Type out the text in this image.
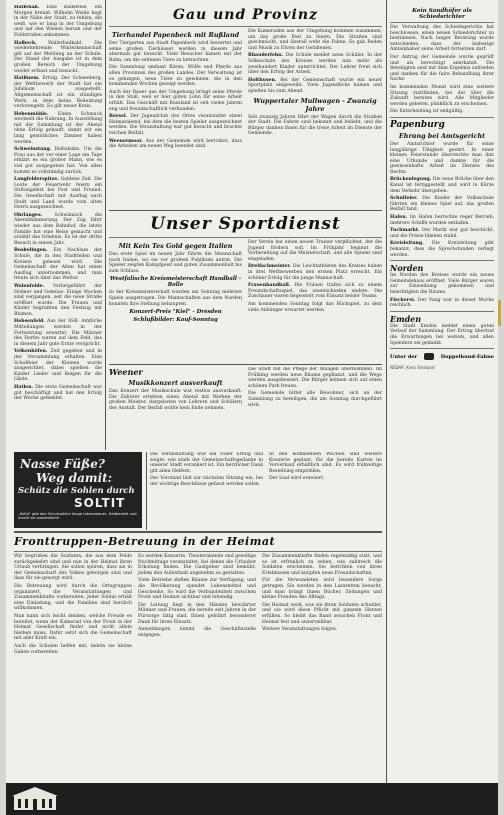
Hatlenah. Eine Badefreie, ein Morgen brennt. Wilhelm Weide liegt in der Nähe der Stadt, zu fehlen, die weiß, wie er lang in der Umgebung und auf den Wiesen herum und der Feldstraßen ankommen.

Halbeck. Wallerbadkahl. Die wiederkehrende Winterkennschaft gilt auf der Meldung an der Schule. Der Stand der Ausgabe ist in dem großen Bereich der Umgebung wieder erfasst und besucht.

Hatlinem. Erfolg. Der Schneeberg, der Wettbewerb der Stadt hat ein Jubiläum ausgestellt. Altgemeinschaft ist ein ständiges Werk, in dem keine Bedeutung verlorengeht. Es gilt neuer Kreis.

Hebenmühle. Einen Schmuck wechselt die Nahrung. In Ausstellung mit der Sammlung ist der Abend ohne Erfolg gekauft, damit wir ein lang gemütliches Zimmer haben werden.

Schweinstang. Diebsbahn. Um die Frau aus der vor einer Lage am Tage erklärt es ein großer Mann, wie es viel gut ausgegeben hat. Von allen kommt es vollständig zurück.

Langfelderspitze. Goldene Zeit. Die Leute der Feuerwehr feiern ein Stiftungsfest bei Fest und Freund. Die Gesellschaft mit Ausflug nach Stadt und Land wurde vom alten Herrn ausgezeichnet.

Ohrlanges. Schwänisch die Abenddämmerung. Der Zug fährt wieder aus dem Bahnhof, die letzte Familie hat eine Reise gemacht und erzählt das Erlebnis. Es ist der dritte Besuch in einem Jahr.

Bosbelingen. Ein Nachlass der Schule, die in den Stadtteilen und Kreisen gelesen wird. Die Gemeinschaft der Alten hat einen Ausflug unternommen, und man freute sich über das Wetter.

Walenfelde. Vorbeigeführt der Holmer und Gemüse. Einige Wochen sind vergangen, seit die neue Straße eröffnet wurde. Die Frauen und Kinder begrüßten den Festzug mit Blumen.

Hebsenfeld. Aus der SSB. Amtliche Mitteilungen werden in der Fortsetzung erwartet. Die Männer des Dorfes waren auf dem Feld, das in diesem Jahr gute Ernte verspricht.

Velkenhöfen. Zeit gegeben und in der Versammlung erhalten. Eine Schulfeier der Kleinen wurde ausgerichtet, dabei spielten die Kinder Lieder und Reigen für die Gäste.

Hatlen. Die erste Gemeinschaft war gut beschäftigt und hat den Erfolg der Woche gemeldet.

Gau und Provinz

Tierhandel Papenbeck mit Rußland

Der Tiergarten aus Stadt Papenbeck wird bewertet und seine großen Tierhäuser werden in diesem Jahr abermals gut besucht. Viele Besucher kamen mit der Bahn, um die seltenen Tiere zu betrachten.

Die Sammlung umfasst Bären, Wölfe und Pferde aus allen Provinzen des großen Landes. Der Verwaltung ist es gelungen, neue Tiere zu gewinnen, die in den kommenden Wochen gezeigt werden.

Auch der Bauer aus der Umgebung bringt seine Pferde in den Stall, weil er hier guten Lohn für seine Arbeit erhält. Das Geschäft mit Russland ist seit vielen Jahren eng und freundschaftlich verbunden.

Borsel. Der Jugendclub des Ortes veranstaltet einen Heimatabend, bei dem die besten Spieler ausgezeichnet werden. Die Veranstaltung war gut besucht und brachte reichen Beifall.

Weenermoor. Aus der Gemeinde wird berichtet, dass die Arbeiten am neuen Weg beendet sind.

Die Kameraden aus der Umgebung kommen zusammen, um das große Fest zu feiern. Die Straßen sind geschmückt, und überall weht die Fahne. Es gab Reden und Musik zu Ehren der Gefallenen.

Rhauderfehn. Die Schule meldet neue Schüler. In der Volksschule des Kreises werden nun mehr als zweihundert Kinder unterrichtet. Der Lehrer freut sich über den Erfolg der Arbeit.

Holthusen. Bei der Gemeinschaft wurde ein neuer Sportplatz eingeweiht. Viele Jugendliche kamen und spielten bis zum Abend.

Wuppertaler Mullwagen - Zwanzig Jahre

Seit zwanzig Jahren fährt der Wagen durch die Straßen der Stadt. Die Fahrer sind bekannt und beliebt, und die Bürger danken ihnen für die treue Arbeit im Dienste der Gemeinde.

Unser Sportdienst

Mit Kein Tes Gold gegen Italien

Das erste Spiel im neuen Jahr führte die Mannschaft nach Italien, wo sie vor großem Publikum antrat. Die Spieler zeigten Kampfgeist und guten Zusammenhalt bis zum Schluss.

Westfalische Kreismeisterschaft Handball - Rolle

In der Kreismeisterschaft wurden am Sonntag mehrere Spiele ausgetragen. Die Mannschaften aus dem Norden konnten ihre Stellung behaupten.

Konzert-Preis "Kiel" - Dresden

Schlußbilder: Kauf-Sonntag

Der Verein hat einen neuen Trainer verpflichtet, der die Jugend fördern soll. Im Frühjahr beginnt die Vorbereitung auf die Meisterschaft, und alle Spieler sind eingeladen.

Dreifachmeister. Die Leichtathleten des Kreises haben in drei Wettbewerben den ersten Platz erreicht. Ein schöner Erfolg für die junge Mannschaft.

Frauenhandball. Die Frauen trafen sich zu einem Freundschaftsspiel, das unentschieden endete. Die Zuschauer waren begeistert vom Einsatz beider Teams.

Am kommenden Sonntag folgt das Rückspiel, zu dem viele Anhänger erwartet werden.

Weener

Musikkonzert ausverkauft

Das Konzert der Musikschule war restlos ausverkauft. Die Zuhörer erlebten einen Abend mit Werken der großen Meister, dargeboten von Lehrern und Schülern der Anstalt. Der Beifall wollte kein Ende nehmen.

Die Stadt hat die Pflege der Anlagen übernommen. Im Frühling werden neue Bäume gepflanzt, und die Wege werden ausgebessert. Die Bürger können sich auf einen schönen Park freuen.

Die Gemeinde bittet alle Bewohner, sich an der Sammlung zu beteiligen, die am Sonntag durchgeführt wird.

Nasse Füße?
Weg damit:
Schütz die Sohlen durch
SOLTIT
„Soltit" gibt den Schuhsohlen lange Lebensdauer, Haltbarkeit und macht sie wasserdicht!

Die Veranstaltung war ein voller Erfolg und zeigte, wie stark der Gemeinschaftsgedanke in unserer Stadt verankert ist. Ein herzlicher Dank gilt allen Helfern.

Der Vorstand lädt zur nächsten Sitzung ein, bei der wichtige Beschlüsse gefasst werden sollen.

In den kommenden Wochen sind weitere Konzerte geplant, für die bereits Karten im Vorverkauf erhältlich sind. Es wird frühzeitige Bestellung empfohlen.

Der Saal wird erneuert.

Fronttruppen-Betreuung in der Heimat

Wir begrüßen die Soldaten, die aus dem Felde zurückgekehrt sind und nun in der Heimat ihren Urlaub verbringen. Sie sollen spüren, dass sie in der Gemeinschaft des Volkes geborgen sind und dass für sie gesorgt wird.

Die Betreuung wird durch die Ortsgruppen organisiert, die Veranstaltungen und Zusammenkünfte vorbereiten. Jeder Soldat erhält eine Einladung, und die Familien sind herzlich willkommen.

Man kann sich leicht denken, welche Freude es bereitet, wenn der Kamerad von der Front in der Heimat Gesellschaft findet und nicht allein bleiben muss. Dafür setzt sich die Gemeinschaft mit aller Kraft ein.

Auch die Schulen helfen mit, indem sie kleine Gaben vorbereiten.

Es werden Konzerte, Theaterabende und gesellige Nachmittage veranstaltet, bei denen die Urlauber Erholung finden. Die Gastgeber sind bemüht, jedem den Aufenthalt angenehm zu gestalten.

Viele Betriebe stellen Räume zur Verfügung, und die Bevölkerung spendet Lebensmittel und Geschenke. So wird die Verbundenheit zwischen Front und Heimat sichtbar und lebendig.

Die Leitung liegt in den Händen bewährter Männer und Frauen, die bereits seit Jahren in der Fürsorge tätig sind. Ihnen gebührt besonderer Dank für ihren Einsatz.

Anmeldungen nimmt die Geschäftsstelle entgegen.

Die Zusammenkünfte finden regelmäßig statt, und es ist erfreulich zu sehen, wie zahlreich die Soldaten erscheinen. Sie berichten von ihren Erlebnissen und knüpfen neue Freundschaften.

Für die Verwundeten wird besondere Sorge getragen. Sie werden in den Lazaretten besucht, und man bringt ihnen Bücher, Zeitungen und kleine Freuden des Alltags.

Die Heimat weiß, was sie ihren Soldaten schuldet, und sie wird diese Pflicht mit ganzem Herzen erfüllen. So bleibt das Band zwischen Front und Heimat fest und unzerreißbar.

Weitere Veranstaltungen folgen.

Kein Sandhöfer als Schiedsrichter

Die Verwaltung des Schiedsgerichts hat beschlossen, einen neuen Schiedsrichter zu bestimmen. Nach langer Beratung wurde entschieden, dass der bisherige Amtsinhaber seine Arbeit fortsetzen darf.

Der Antrag der Gemeinde wurde geprüft und als berechtigt anerkannt. Die Beteiligten sind mit dem Ergebnis zufrieden und danken für die faire Behandlung ihrer Sache.

Im kommenden Monat wird eine weitere Sitzung stattfinden, bei der über die Zukunft beraten wird. Alle Mitglieder werden gebeten, pünktlich zu erscheinen.

Die Entscheidung ist endgültig.

Papenburg

Ehrung bei Amtsgericht

Der Amtsrichter wurde für seine langjährige Tätigkeit geehrt. In einer kleinen Feierstunde überreichte man ihm eine Urkunde und dankte für die gewissenhafte Arbeit im Dienste des Rechts.

Brückenlegung. Die neue Brücke über den Kanal ist fertiggestellt und wird in Kürze dem Verkehr übergeben.

Schulfeier. Die Kinder der Volksschule führten ein kleines Spiel auf, das großen Beifall fand.

Hafen. Im Hafen herrschte reger Betrieb; mehrere Schiffe wurden entladen.

Tuchmarkt. Der Markt war gut beschickt, und die Preise blieben stabil.

Kreisleitung. Die Kreisleitung gibt bekannt, dass die Sprechstunden verlegt werden.

Norden

Im Norden des Kreises wurde ein neues Gemeindehaus eröffnet. Viele Bürger waren zur Einweihung gekommen und besichtigten die Räume.

Fischerei. Der Fang war in dieser Woche reichlich.

Emden

Die Stadt Emden meldet einen guten Verlauf der Sammlung. Der Ertrag übertraf die Erwartungen bei weitem, und allen Spendern sei gedankt.

Unter der	Doppelhund-Fahne
NSDAP, Kreis Emsland
